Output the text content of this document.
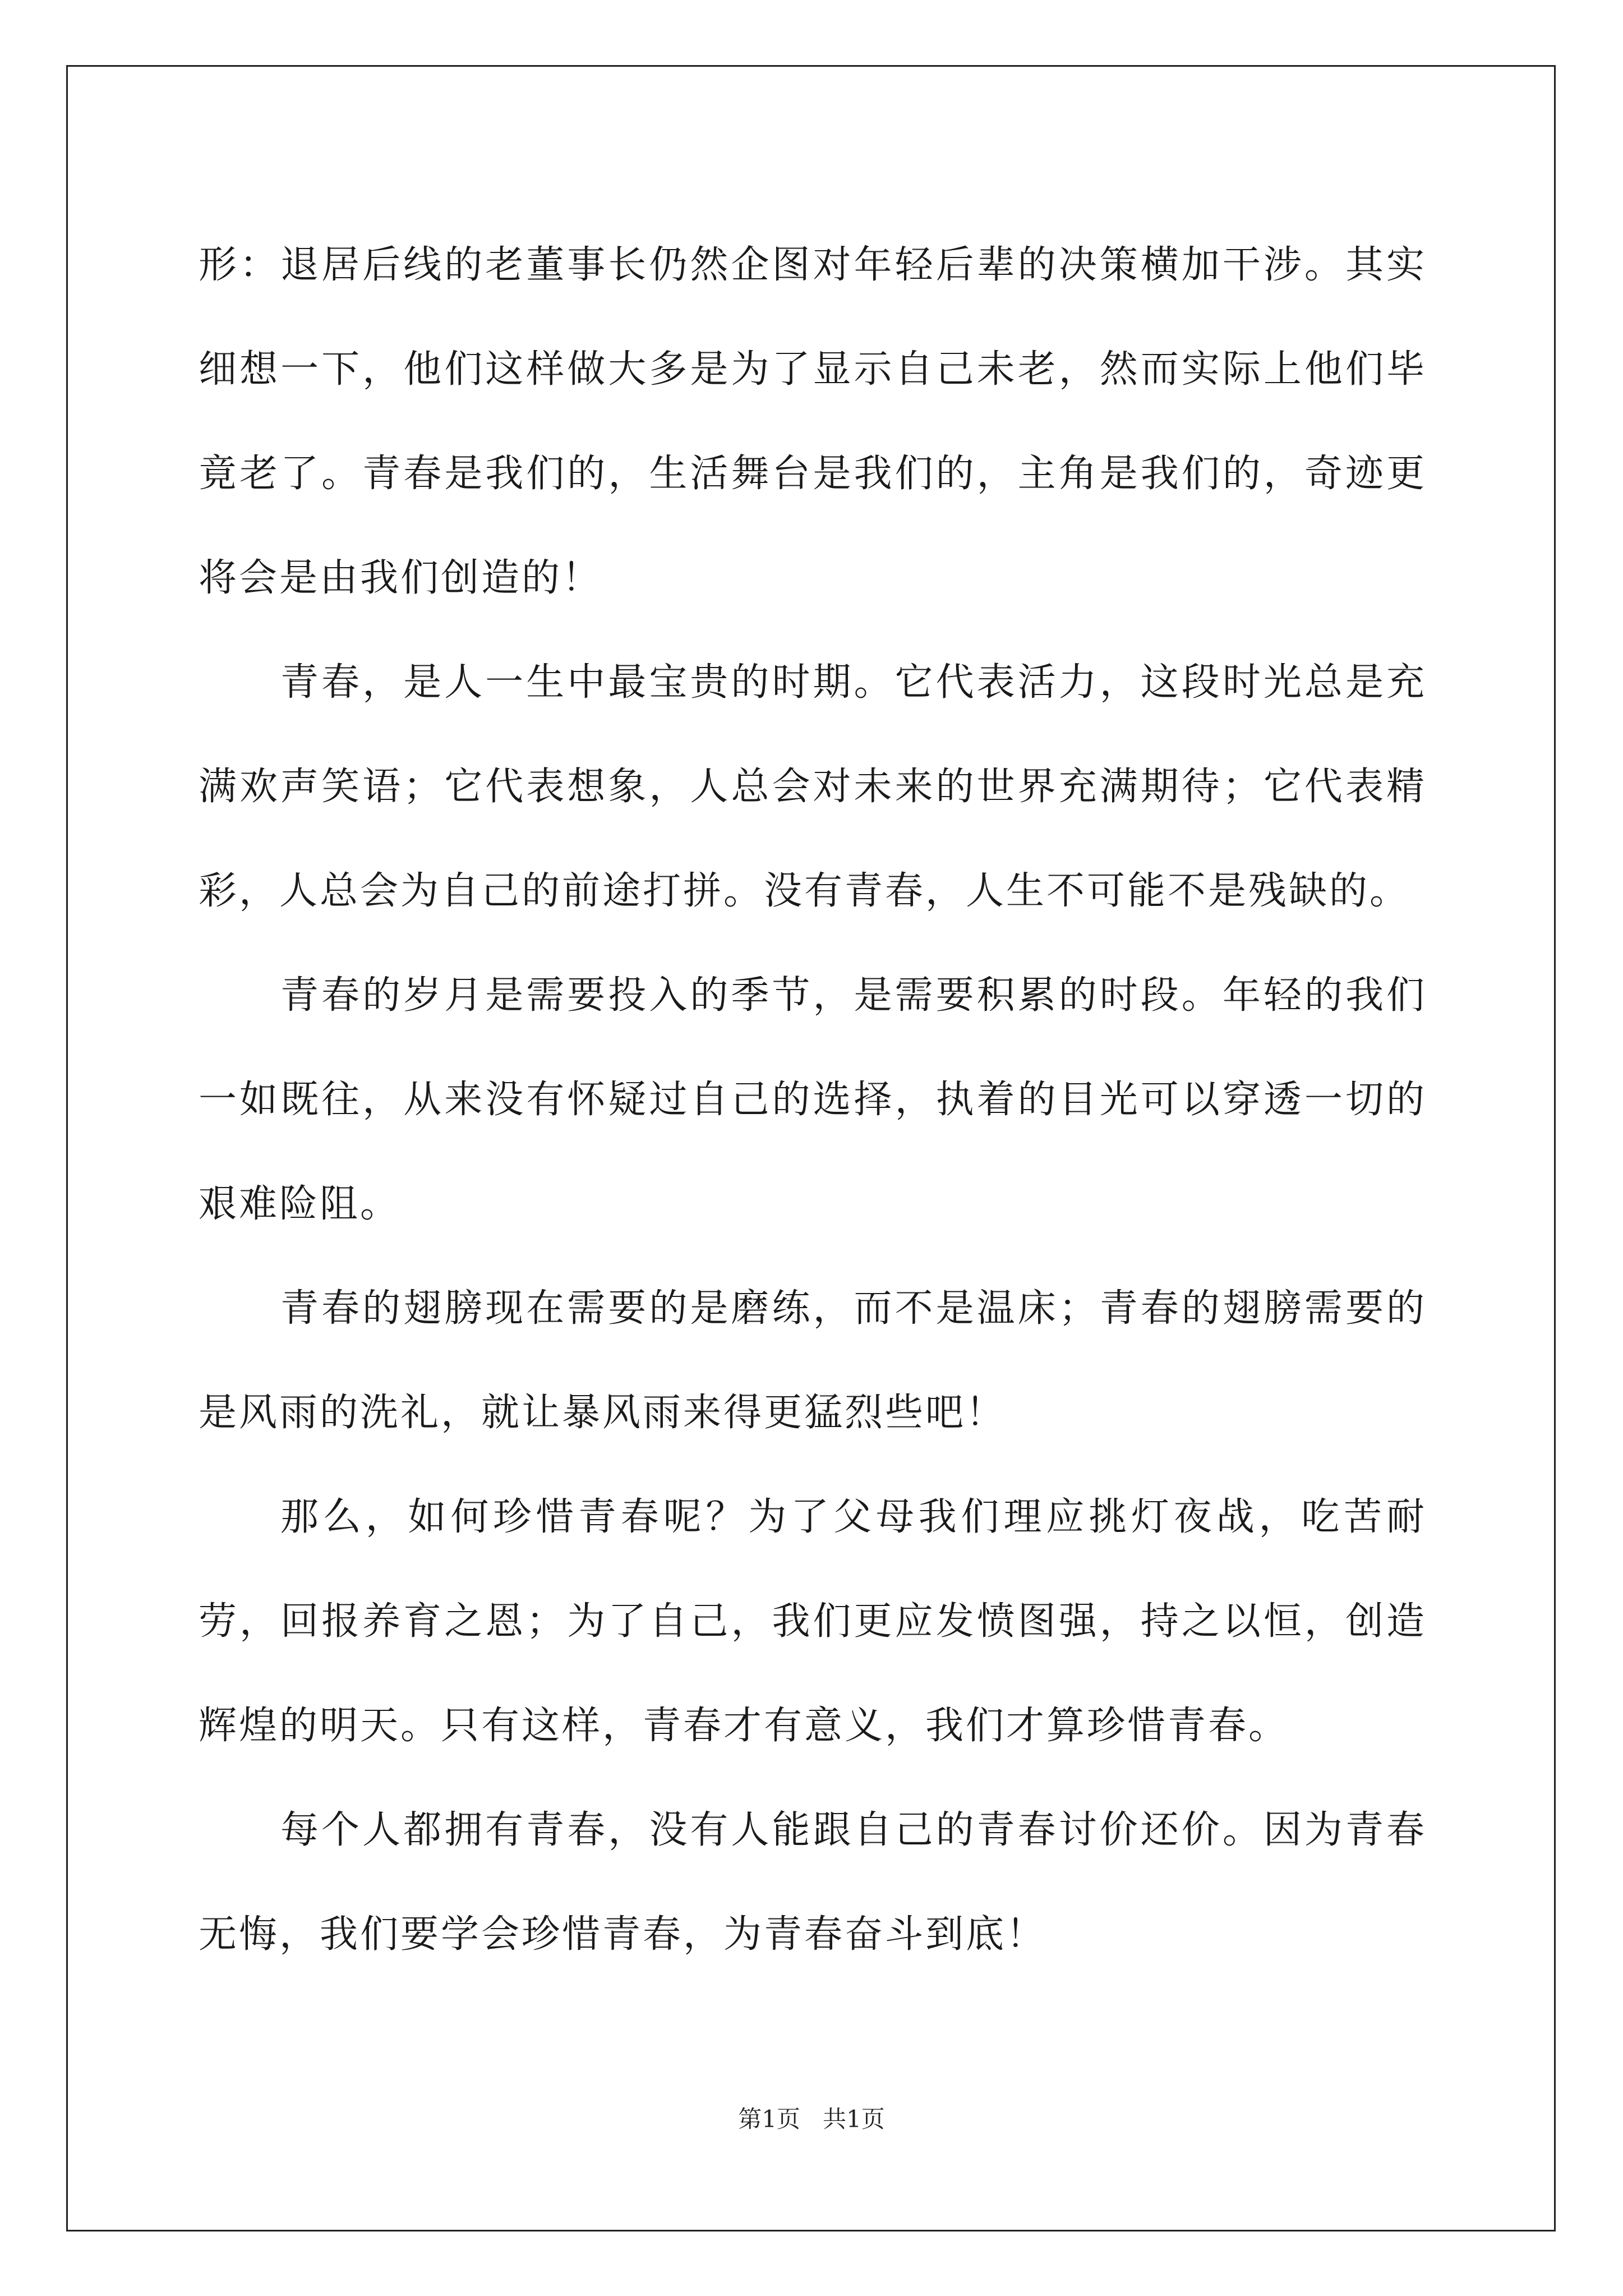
形：退居后线的老董事长仍然企图对年轻后辈的决策横加干涉。其实细想一下，他们这样做大多是为了显示自己未老，然而实际上他们毕竟老了。青春是我们的，生活舞台是我们的，主角是我们的，奇迹更将会是由我们创造的！

青春，是人一生中最宝贵的时期。它代表活力，这段时光总是充满欢声笑语；它代表想象，人总会对未来的世界充满期待；它代表精彩，人总会为自己的前途打拼。没有青春，人生不可能不是残缺的。

青春的岁月是需要投入的季节，是需要积累的时段。年轻的我们一如既往，从来没有怀疑过自己的选择，执着的目光可以穿透一切的艰难险阻。

青春的翅膀现在需要的是磨练，而不是温床；青春的翅膀需要的是风雨的洗礼，就让暴风雨来得更猛烈些吧！

那么，如何珍惜青春呢？为了父母我们理应挑灯夜战，吃苦耐劳，回报养育之恩；为了自己，我们更应发愤图强，持之以恒，创造辉煌的明天。只有这样，青春才有意义，我们才算珍惜青春。

每个人都拥有青春，没有人能跟自己的青春讨价还价。因为青春无悔，我们要学会珍惜青春，为青春奋斗到底！

第1页 共1页
